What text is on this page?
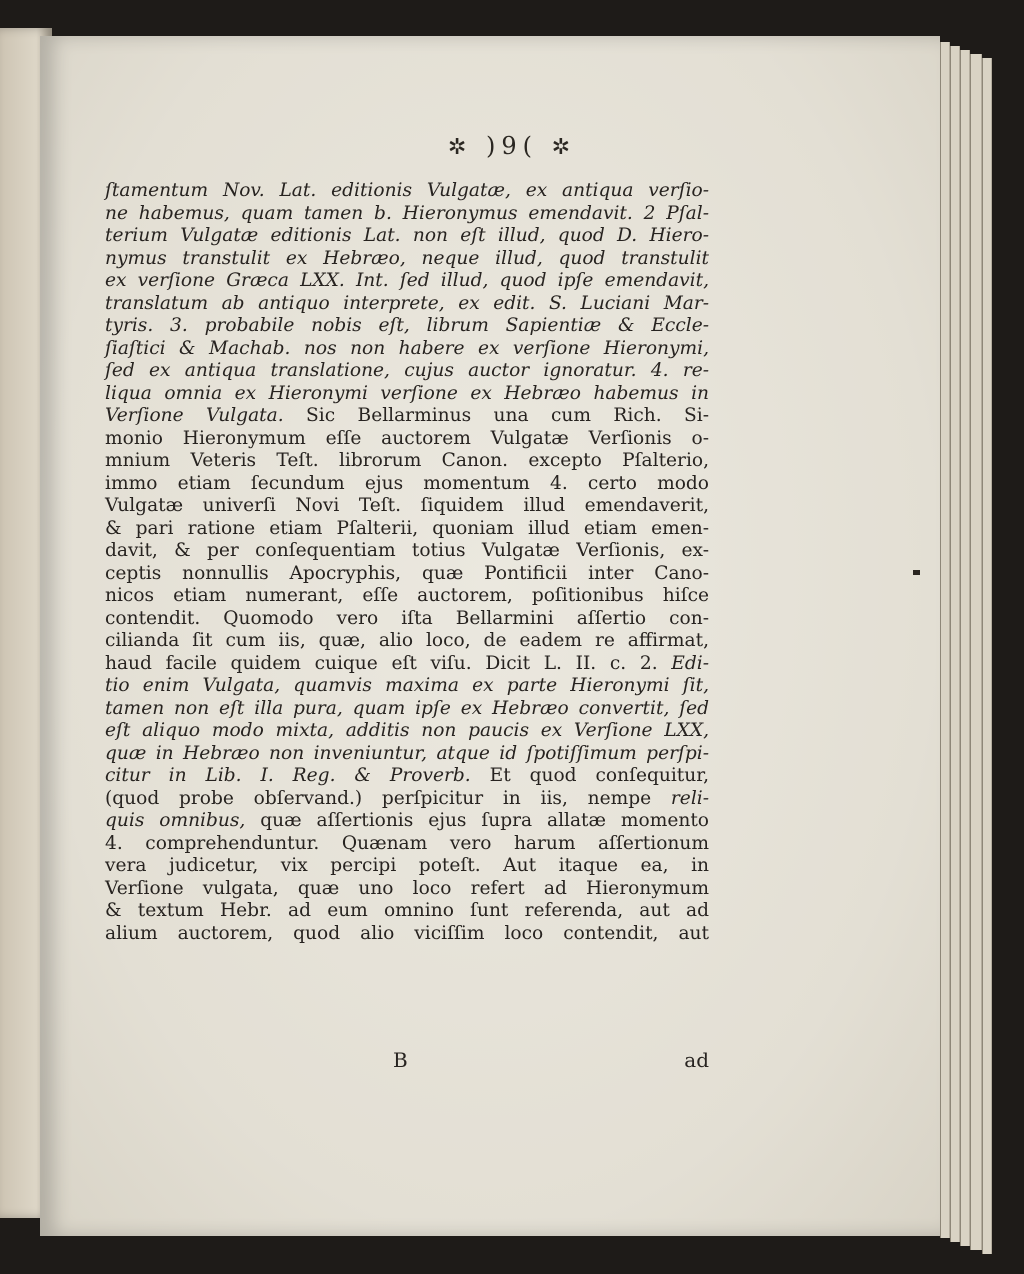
✲ )9( ✲

ſtamentum Nov. Lat. editionis Vulgatæ, ex antiqua verſio-

ne habemus, quam tamen b. Hieronymus emendavit. 2 Pſal-

terium Vulgatæ editionis Lat. non eſt illud, quod D. Hiero-

nymus transtulit ex Hebræo, neque illud, quod transtulit

ex verſione Græca LXX. Int. ſed illud, quod ipſe emendavit,

translatum ab antiquo interprete, ex edit. S. Luciani Mar-

tyris. 3. probabile nobis eſt, librum Sapientiæ & Eccle-

ſiaſtici & Machab. nos non habere ex verſione Hieronymi,

ſed ex antiqua translatione, cujus auctor ignoratur. 4. re-

liqua omnia ex Hieronymi verſione ex Hebræo habemus in

Verſione Vulgata. Sic Bellarminus una cum Rich. Si-

monio Hieronymum eſſe auctorem Vulgatæ Verſionis o-

mnium Veteris Teſt. librorum Canon. excepto Pſalterio,

immo etiam ſecundum ejus momentum 4. certo modo

Vulgatæ univerſi Novi Teſt. ſiquidem illud emendaverit,

& pari ratione etiam Pſalterii, quoniam illud etiam emen-

davit, & per conſequentiam totius Vulgatæ Verſionis, ex-

ceptis nonnullis Apocryphis, quæ Pontificii inter Cano-

nicos etiam numerant, eſſe auctorem, poſitionibus hiſce

contendit. Quomodo vero iſta Bellarmini aſſertio con-

cilianda ſit cum iis, quæ, alio loco, de eadem re affirmat,

haud facile quidem cuique eſt viſu. Dicit L. II. c. 2. Edi-

tio enim Vulgata, quamvis maxima ex parte Hieronymi ſit,

tamen non eſt illa pura, quam ipſe ex Hebræo convertit, ſed

eſt aliquo modo mixta, additis non paucis ex Verſione LXX,

quæ in Hebræo non inveniuntur, atque id ſpotiſſimum perſpi-

citur in Lib. I. Reg. & Proverb. Et quod conſequitur,

(quod probe obſervand.) perſpicitur in iis, nempe reli-

quis omnibus, quæ aſſertionis ejus ſupra allatæ momento

4. comprehenduntur. Quænam vero harum aſſertionum

vera judicetur, vix percipi poteſt. Aut itaque ea, in

Verſione vulgata, quæ uno loco refert ad Hieronymum

& textum Hebr. ad eum omnino ſunt referenda, aut ad

alium auctorem, quod alio viciſſim loco contendit, aut

B	ad
